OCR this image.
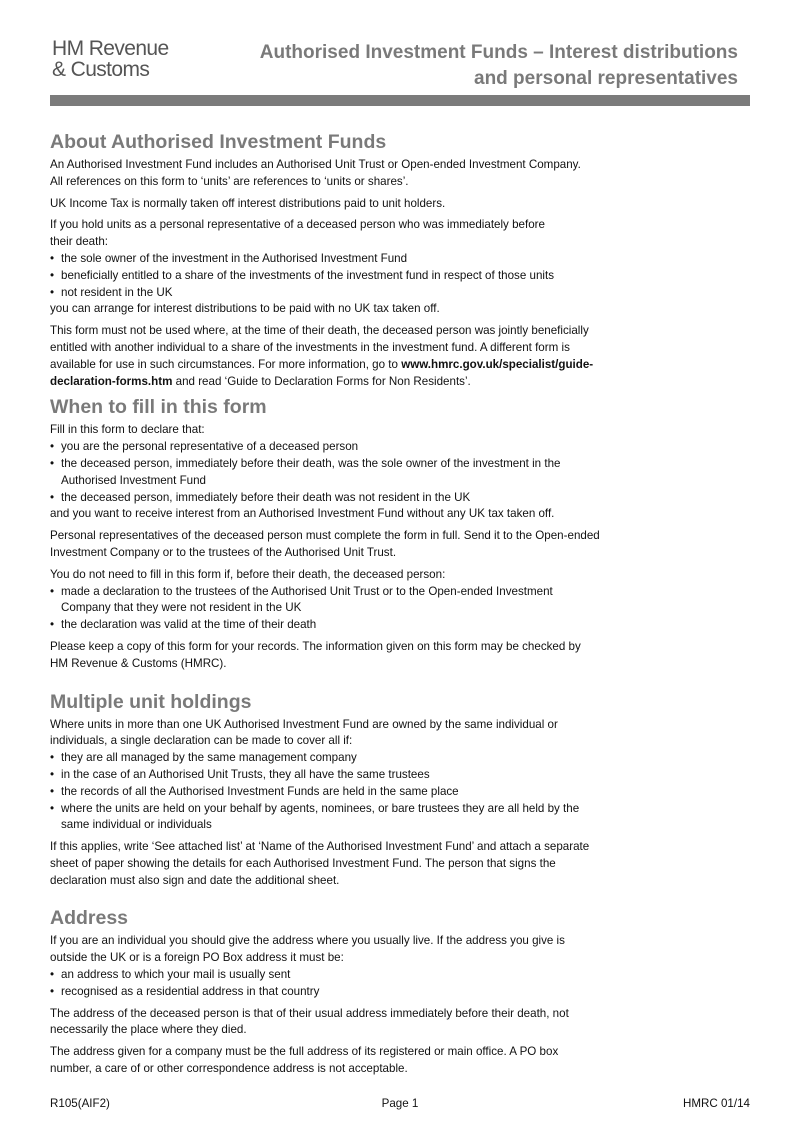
HM Revenue
& Customs
Authorised Investment Funds – Interest distributions
and personal representatives
About Authorised Investment Funds
An Authorised Investment Fund includes an Authorised Unit Trust or Open-ended Investment Company.
All references on this form to ‘units’ are references to ‘units or shares’.
UK Income Tax is normally taken off interest distributions paid to unit holders.
If you hold units as a personal representative of a deceased person who was immediately before
their death:
• the sole owner of the investment in the Authorised Investment Fund
• beneficially entitled to a share of the investments of the investment fund in respect of those units
• not resident in the UK
you can arrange for interest distributions to be paid with no UK tax taken off.
This form must not be used where, at the time of their death, the deceased person was jointly beneficially
entitled with another individual to a share of the investments in the investment fund. A different form is
available for use in such circumstances. For more information, go to www.hmrc.gov.uk/specialist/guide-
declaration-forms.htm and read ‘Guide to Declaration Forms for Non Residents’.
When to fill in this form
Fill in this form to declare that:
• you are the personal representative of a deceased person
• the deceased person, immediately before their death, was the sole owner of the investment in the
Authorised Investment Fund
• the deceased person, immediately before their death was not resident in the UK
and you want to receive interest from an Authorised Investment Fund without any UK tax taken off.
Personal representatives of the deceased person must complete the form in full. Send it to the Open-ended
Investment Company or to the trustees of the Authorised Unit Trust.
You do not need to fill in this form if, before their death, the deceased person:
• made a declaration to the trustees of the Authorised Unit Trust or to the Open-ended Investment
Company that they were not resident in the UK
• the declaration was valid at the time of their death
Please keep a copy of this form for your records. The information given on this form may be checked by
HM Revenue & Customs (HMRC).
Multiple unit holdings
Where units in more than one UK Authorised Investment Fund are owned by the same individual or
individuals, a single declaration can be made to cover all if:
• they are all managed by the same management company
• in the case of an Authorised Unit Trusts, they all have the same trustees
• the records of all the Authorised Investment Funds are held in the same place
• where the units are held on your behalf by agents, nominees, or bare trustees they are all held by the
same individual or individuals
If this applies, write ‘See attached list’ at ‘Name of the Authorised Investment Fund’ and attach a separate
sheet of paper showing the details for each Authorised Investment Fund. The person that signs the
declaration must also sign and date the additional sheet.
Address
If you are an individual you should give the address where you usually live. If the address you give is
outside the UK or is a foreign PO Box address it must be:
• an address to which your mail is usually sent
• recognised as a residential address in that country
The address of the deceased person is that of their usual address immediately before their death, not
necessarily the place where they died.
The address given for a company must be the full address of its registered or main office. A PO box
number, a care of or other correspondence address is not acceptable.
Page 1
R105(AIF2)	HMRC 01/14
